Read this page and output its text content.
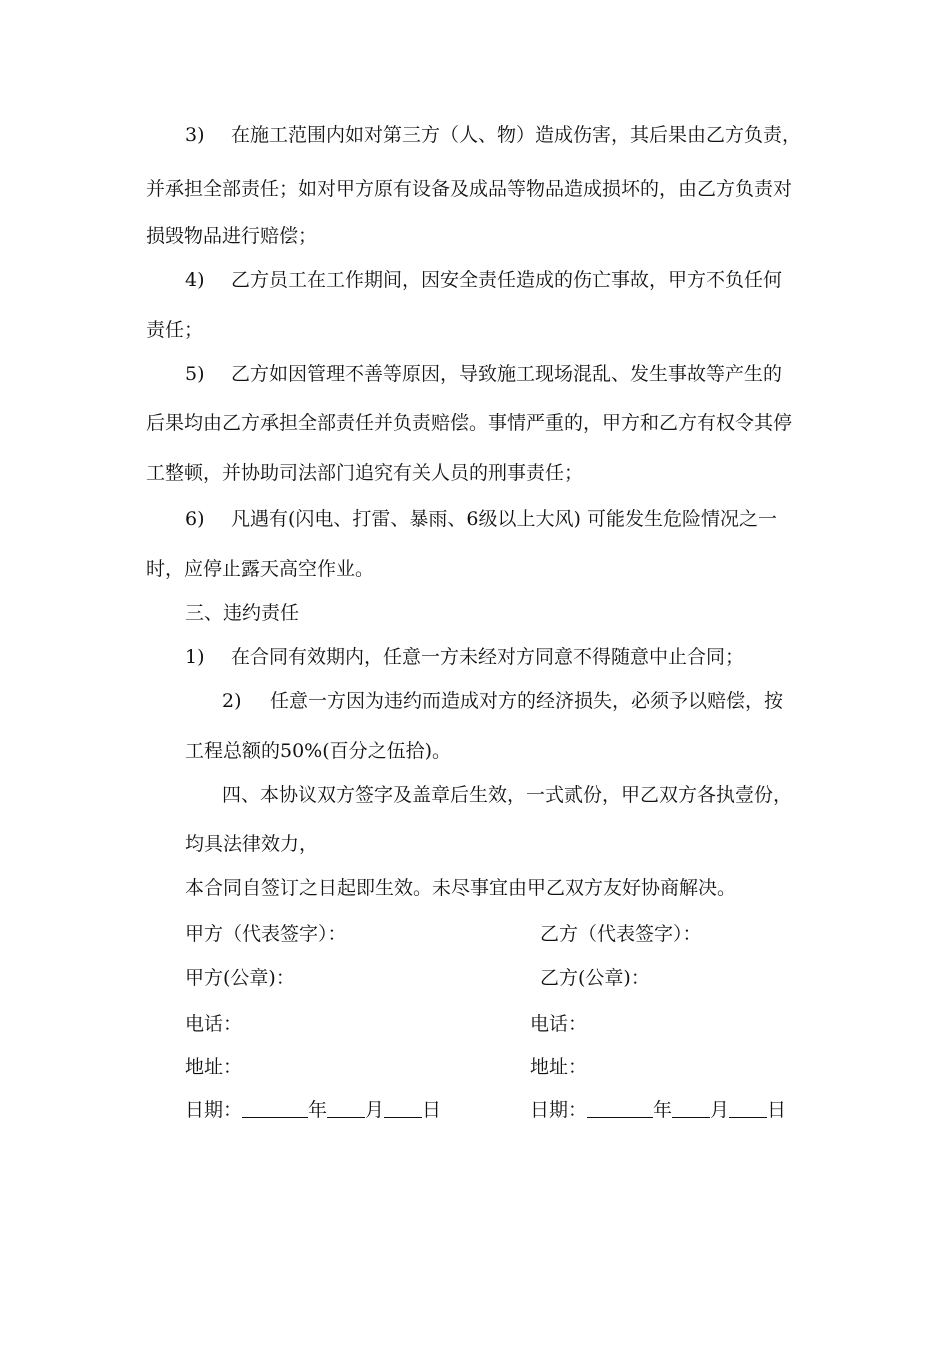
3) 在施工范围内如对第三方（人、物）造成伤害，其后果由乙方负责，
并承担全部责任；如对甲方原有设备及成品等物品造成损坏的，由乙方负责对
损毁物品进行赔偿；
4) 乙方员工在工作期间，因安全责任造成的伤亡事故，甲方不负任何
责任；
5) 乙方如因管理不善等原因，导致施工现场混乱、发生事故等产生的
后果均由乙方承担全部责任并负责赔偿。事情严重的，甲方和乙方有权令其停
工整顿，并协助司法部门追究有关人员的刑事责任；
6) 凡遇有(闪电、打雷、暴雨、6级以上大风) 可能发生危险情况之一
时，应停止露天高空作业。
三、违约责任
1) 在合同有效期内，任意一方未经对方同意不得随意中止合同；
2) 任意一方因为违约而造成对方的经济损失，必须予以赔偿，按
工程总额的50%(百分之伍拾)。
四、本协议双方签字及盖章后生效，一式贰份，甲乙双方各执壹份，
均具法律效力，
本合同自签订之日起即生效。未尽事宜由甲乙双方友好协商解决。
甲方（代表签字）：
甲方(公章)：
电话：
地址：
日期：	年 月 日
乙方（代表签字）：
乙方(公章)：
电话：
地址：
日期：	年 月 日
